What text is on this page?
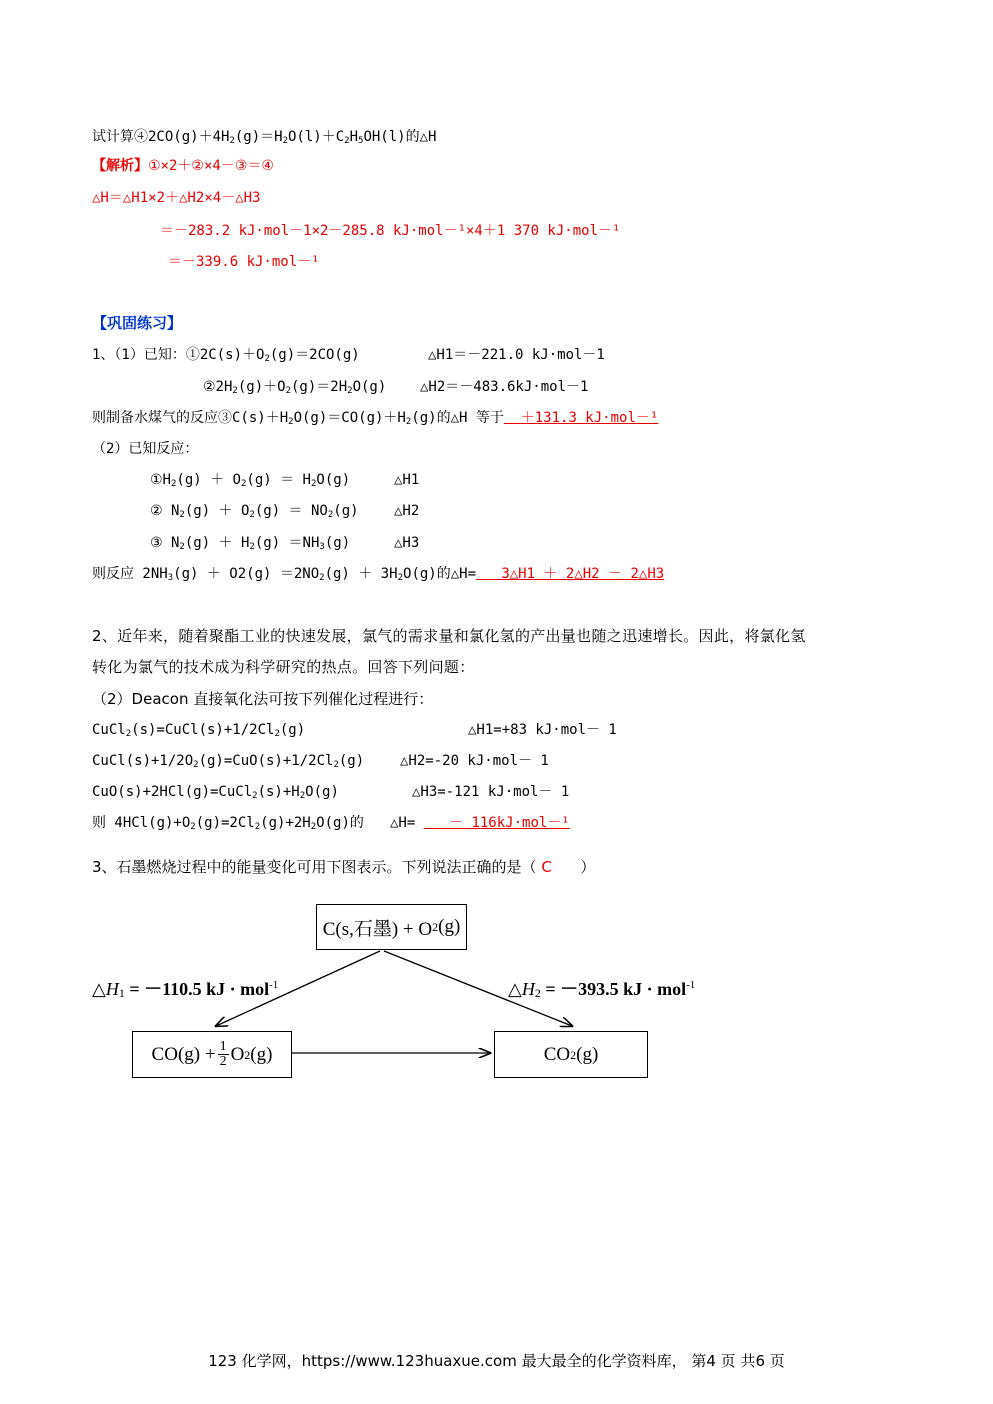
试计算$④2CO(g)+4H_2(g)=H_2O(l)+C_2H_5OH(l)$的△H
【解析】①×2＋②×4－③＝④
△H＝△H1×2＋△H2×4－△H3
＝－283.2 kJ·mol－1×2－285.8 kJ·mol－¹×4＋1 370 kJ·mol－¹
＝－339.6 kJ·mol－¹
【巩固练习】
1、（1）已知：$①2C(s)+O_2(g)=2CO(g)$	△H1＝－221.0 kJ·mol－1
$②2H_2(g)+O_2(g)=2H_2O(g)$ △H2＝－483.6kJ·mol－1
则制备水煤气的反应$③C(s)+H_2O(g)=CO(g)+H_2(g)$的△H 等于 ＋131.3 kJ·mol－¹
（2）已知反应：
$①H_2(g) + O_2(g) = H_2O(g)$	△H1
② $N_2(g) + O_2(g) = NO_2(g)$	△H2
③ $N_2(g) + H_2(g) =NH_3(g)$	△H3
则反应 $2NH_3(g) + O2(g) =2NO_2(g) + 3H_2O(g)$的△H= 3△H1 ＋ 2△H2 － 2△H3
2、近年来，随着聚酯工业的快速发展，氯气的需求量和氯化氢的产出量也随之迅速增长。因此，将氯化氢
转化为氯气的技术成为科学研究的热点。回答下列问题：
（2）Deacon 直接氧化法可按下列催化过程进行：
$CuCl_2(s)=CuCl(s)+1/2Cl_2(g)$	△H1=+83 kJ·mol－ 1
$CuCl(s)+1/2O_2(g)=CuO(s)+1/2Cl_2(g)$	△H2=-20 kJ·mol－ 1
$CuO(s)+2HCl(g)=CuCl_2(s)+H_2O(g)$	△H3=-121 kJ·mol－ 1
则 $4HCl(g)+O_2(g)=2Cl_2(g)+2H_2O(g)$的 △H=    － 116kJ·mol－¹
3、石墨燃烧过程中的能量变化可用下图表示。下列说法正确的是（ C ）
C(s,石墨) + O 2 (g)
$\triangle H_1 = -110.5$ kJ · mol$^{-1}$	$\triangle H_2 = -393.5$ kJ · mol$^{-1}$
$CO(g) + \frac{1}{2}$ O 2 (g)	CO 2 (g)
123 化学网，https://www.123huaxue.com 最大最全的化学资料库， 第4 页 共6 页
